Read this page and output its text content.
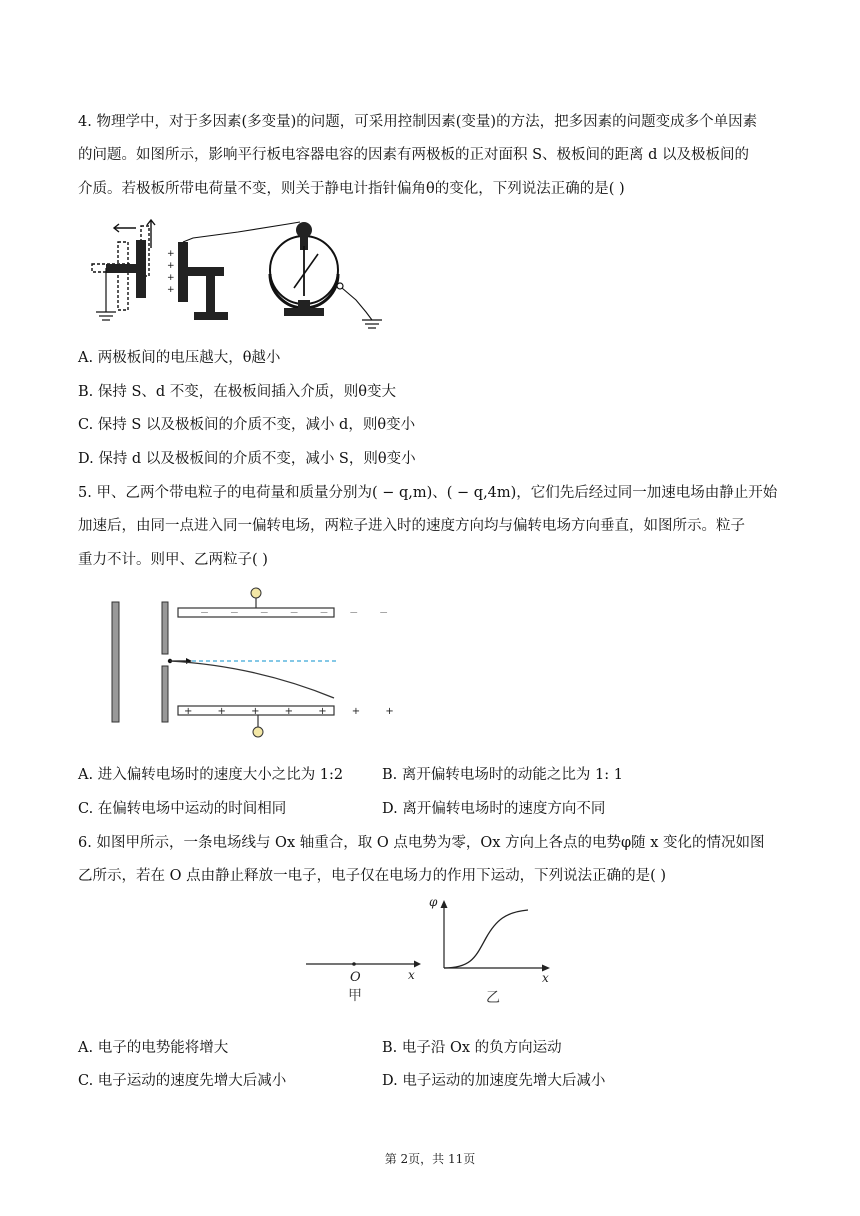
4. 物理学中，对于多因素(多变量)的问题，可采用控制因素(变量)的方法，把多因素的问题变成多个单因素
的问题。如图所示，影响平行板电容器电容的因素有两极板的正对面积 S、极板间的距离 d 以及极板间的
介质。若极板所带电荷量不变，则关于静电计指针偏角θ的变化，下列说法正确的是( )
+
+
+
+
A. 两极板间的电压越大，θ越小
B. 保持 S、d 不变，在极板间插入介质，则θ变大
C. 保持 S 以及极板间的介质不变，减小 d，则θ变小
D. 保持 d 以及极板间的介质不变，减小 S，则θ变小
5. 甲、乙两个带电粒子的电荷量和质量分别为( − q,m)、( − q,4m)，它们先后经过同一加速电场由静止开始
加速后，由同一点进入同一偏转电场，两粒子进入时的速度方向均与偏转电场方向垂直，如图所示。粒子
重力不计。则甲、乙两粒子( )
－ － － － － － －
+ + + + + + +
A. 进入偏转电场时的速度大小之比为 1:2	B. 离开偏转电场时的动能之比为 1: 1
C. 在偏转电场中运动的时间相同	D. 离开偏转电场时的速度方向不同
6. 如图甲所示，一条电场线与 Ox 轴重合，取 O 点电势为零，Ox 方向上各点的电势φ随 x 变化的情况如图
乙所示，若在 O 点由静止释放一电子，电子仅在电场力的作用下运动，下列说法正确的是( )
O	x
甲
φ
x
乙
A. 电子的电势能将增大	B. 电子沿 Ox 的负方向运动
C. 电子运动的速度先增大后减小	D. 电子运动的加速度先增大后减小
第 2页，共 11页
